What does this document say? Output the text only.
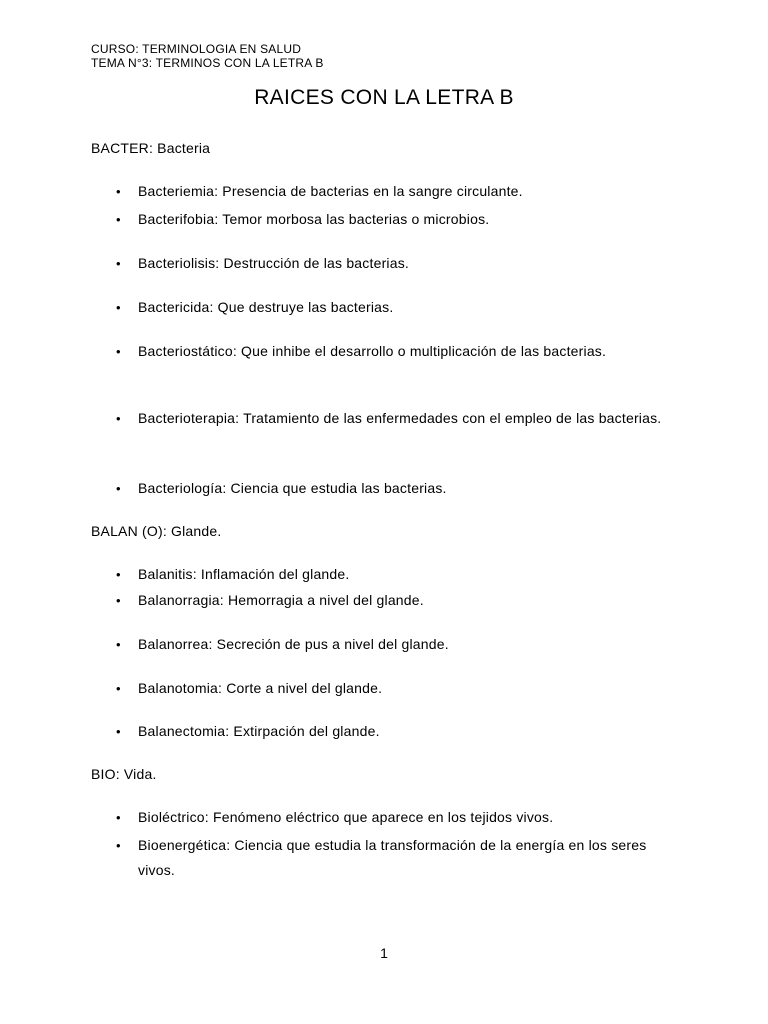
CURSO: TERMINOLOGIA EN SALUD
TEMA N°3: TERMINOS CON LA LETRA B
RAICES CON LA LETRA B
BACTER: Bacteria
• Bacteriemia: Presencia de bacterias en la sangre circulante.
• Bacterifobia: Temor morbosa las bacterias o microbios.
• Bacteriolisis: Destrucción de las bacterias.
• Bactericida: Que destruye las bacterias.
• Bacteriostático: Que inhibe el desarrollo o multiplicación de las bacterias.
• Bacterioterapia: Tratamiento de las enfermedades con el empleo de las bacterias.
• Bacteriología: Ciencia que estudia las bacterias.
BALAN (O): Glande.
• Balanitis: Inflamación del glande.
• Balanorragia: Hemorragia a nivel del glande.
• Balanorrea: Secreción de pus a nivel del glande.
• Balanotomia: Corte a nivel del glande.
• Balanectomia: Extirpación del glande.
BIO: Vida.
• Bioléctrico: Fenómeno eléctrico que aparece en los tejidos vivos.
• Bioenergética: Ciencia que estudia la transformación de la energía en los seres vivos.
1
